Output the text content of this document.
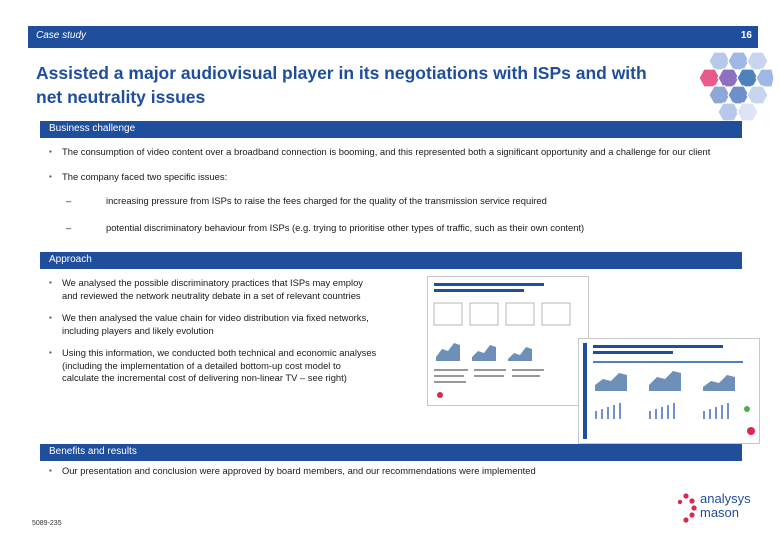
Case study	16
Assisted a major audiovisual player in its negotiations with ISPs and with net neutrality issues
Business challenge
▪ The consumption of video content over a broadband connection is booming, and this represented both a significant opportunity and a challenge for our client
▪ The company faced two specific issues:
–	increasing pressure from ISPs to raise the fees charged for the quality of the transmission service required
–	potential discriminatory behaviour from ISPs (e.g. trying to prioritise other types of traffic, such as their own content)
Approach
▪ We analysed the possible discriminatory practices that ISPs may employ and reviewed the network neutrality debate in a set of relevant countries
▪ We then analysed the value chain for video distribution via fixed networks, including players and likely evolution
▪ Using this information, we conducted both technical and economic analyses (including the implementation of a detailed bottom-up cost model to calculate the incremental cost of delivering non-linear TV – see right)
Benefits and results
▪ Our presentation and conclusion were approved by board members, and our recommendations were implemented
5089-235
analysys
mason
